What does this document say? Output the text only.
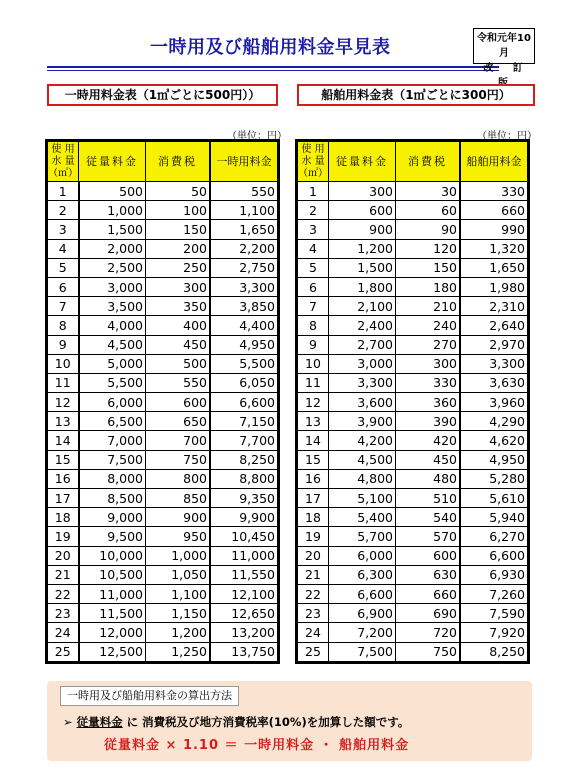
一時用及び船舶用料金早見表	令和元年10月
改 訂
一時用料金表（1㎥ごとに500円））	船舶用料金表（1㎥ごとに300円）
（単位：円）	（単位：円）
使 用
水 量
（㎥）	従量料金	消費税	一時用料金
1	500	50	550
2	1,000	100	1,100
3	1,500	150	1,650
4	2,000	200	2,200
5	2,500	250	2,750
6	3,000	300	3,300
7	3,500	350	3,850
8	4,000	400	4,400
9	4,500	450	4,950
10	5,000	500	5,500
11	5,500	550	6,050
12	6,000	600	6,600
13	6,500	650	7,150
14	7,000	700	7,700
15	7,500	750	8,250
16	8,000	800	8,800
17	8,500	850	9,350
18	9,000	900	9,900
19	9,500	950	10,450
20	10,000	1,000	11,000
21	10,500	1,050	11,550
22	11,000	1,100	12,100
23	11,500	1,150	12,650
24	12,000	1,200	13,200
25	12,500	1,250	13,750
使 用
水 量
（㎥）	従量料金	消費税	船舶用料金
1	300	30	330
2	600	60	660
3	900	90	990
4	1,200	120	1,320
5	1,500	150	1,650
6	1,800	180	1,980
7	2,100	210	2,310
8	2,400	240	2,640
9	2,700	270	2,970
10	3,000	300	3,300
11	3,300	330	3,630
12	3,600	360	3,960
13	3,900	390	4,290
14	4,200	420	4,620
15	4,500	450	4,950
16	4,800	480	5,280
17	5,100	510	5,610
18	5,400	540	5,940
19	5,700	570	6,270
20	6,000	600	6,600
21	6,300	630	6,930
22	6,600	660	7,260
23	6,900	690	7,590
24	7,200	720	7,920
25	7,500	750	8,250
一時用及び船舶用料金の算出方法
➢ 従量料金 に 消費税及び地方消費税率(10%)を加算した額です。
従量料金 × 1.10 ＝ 一時用料金 ・ 船舶用料金
